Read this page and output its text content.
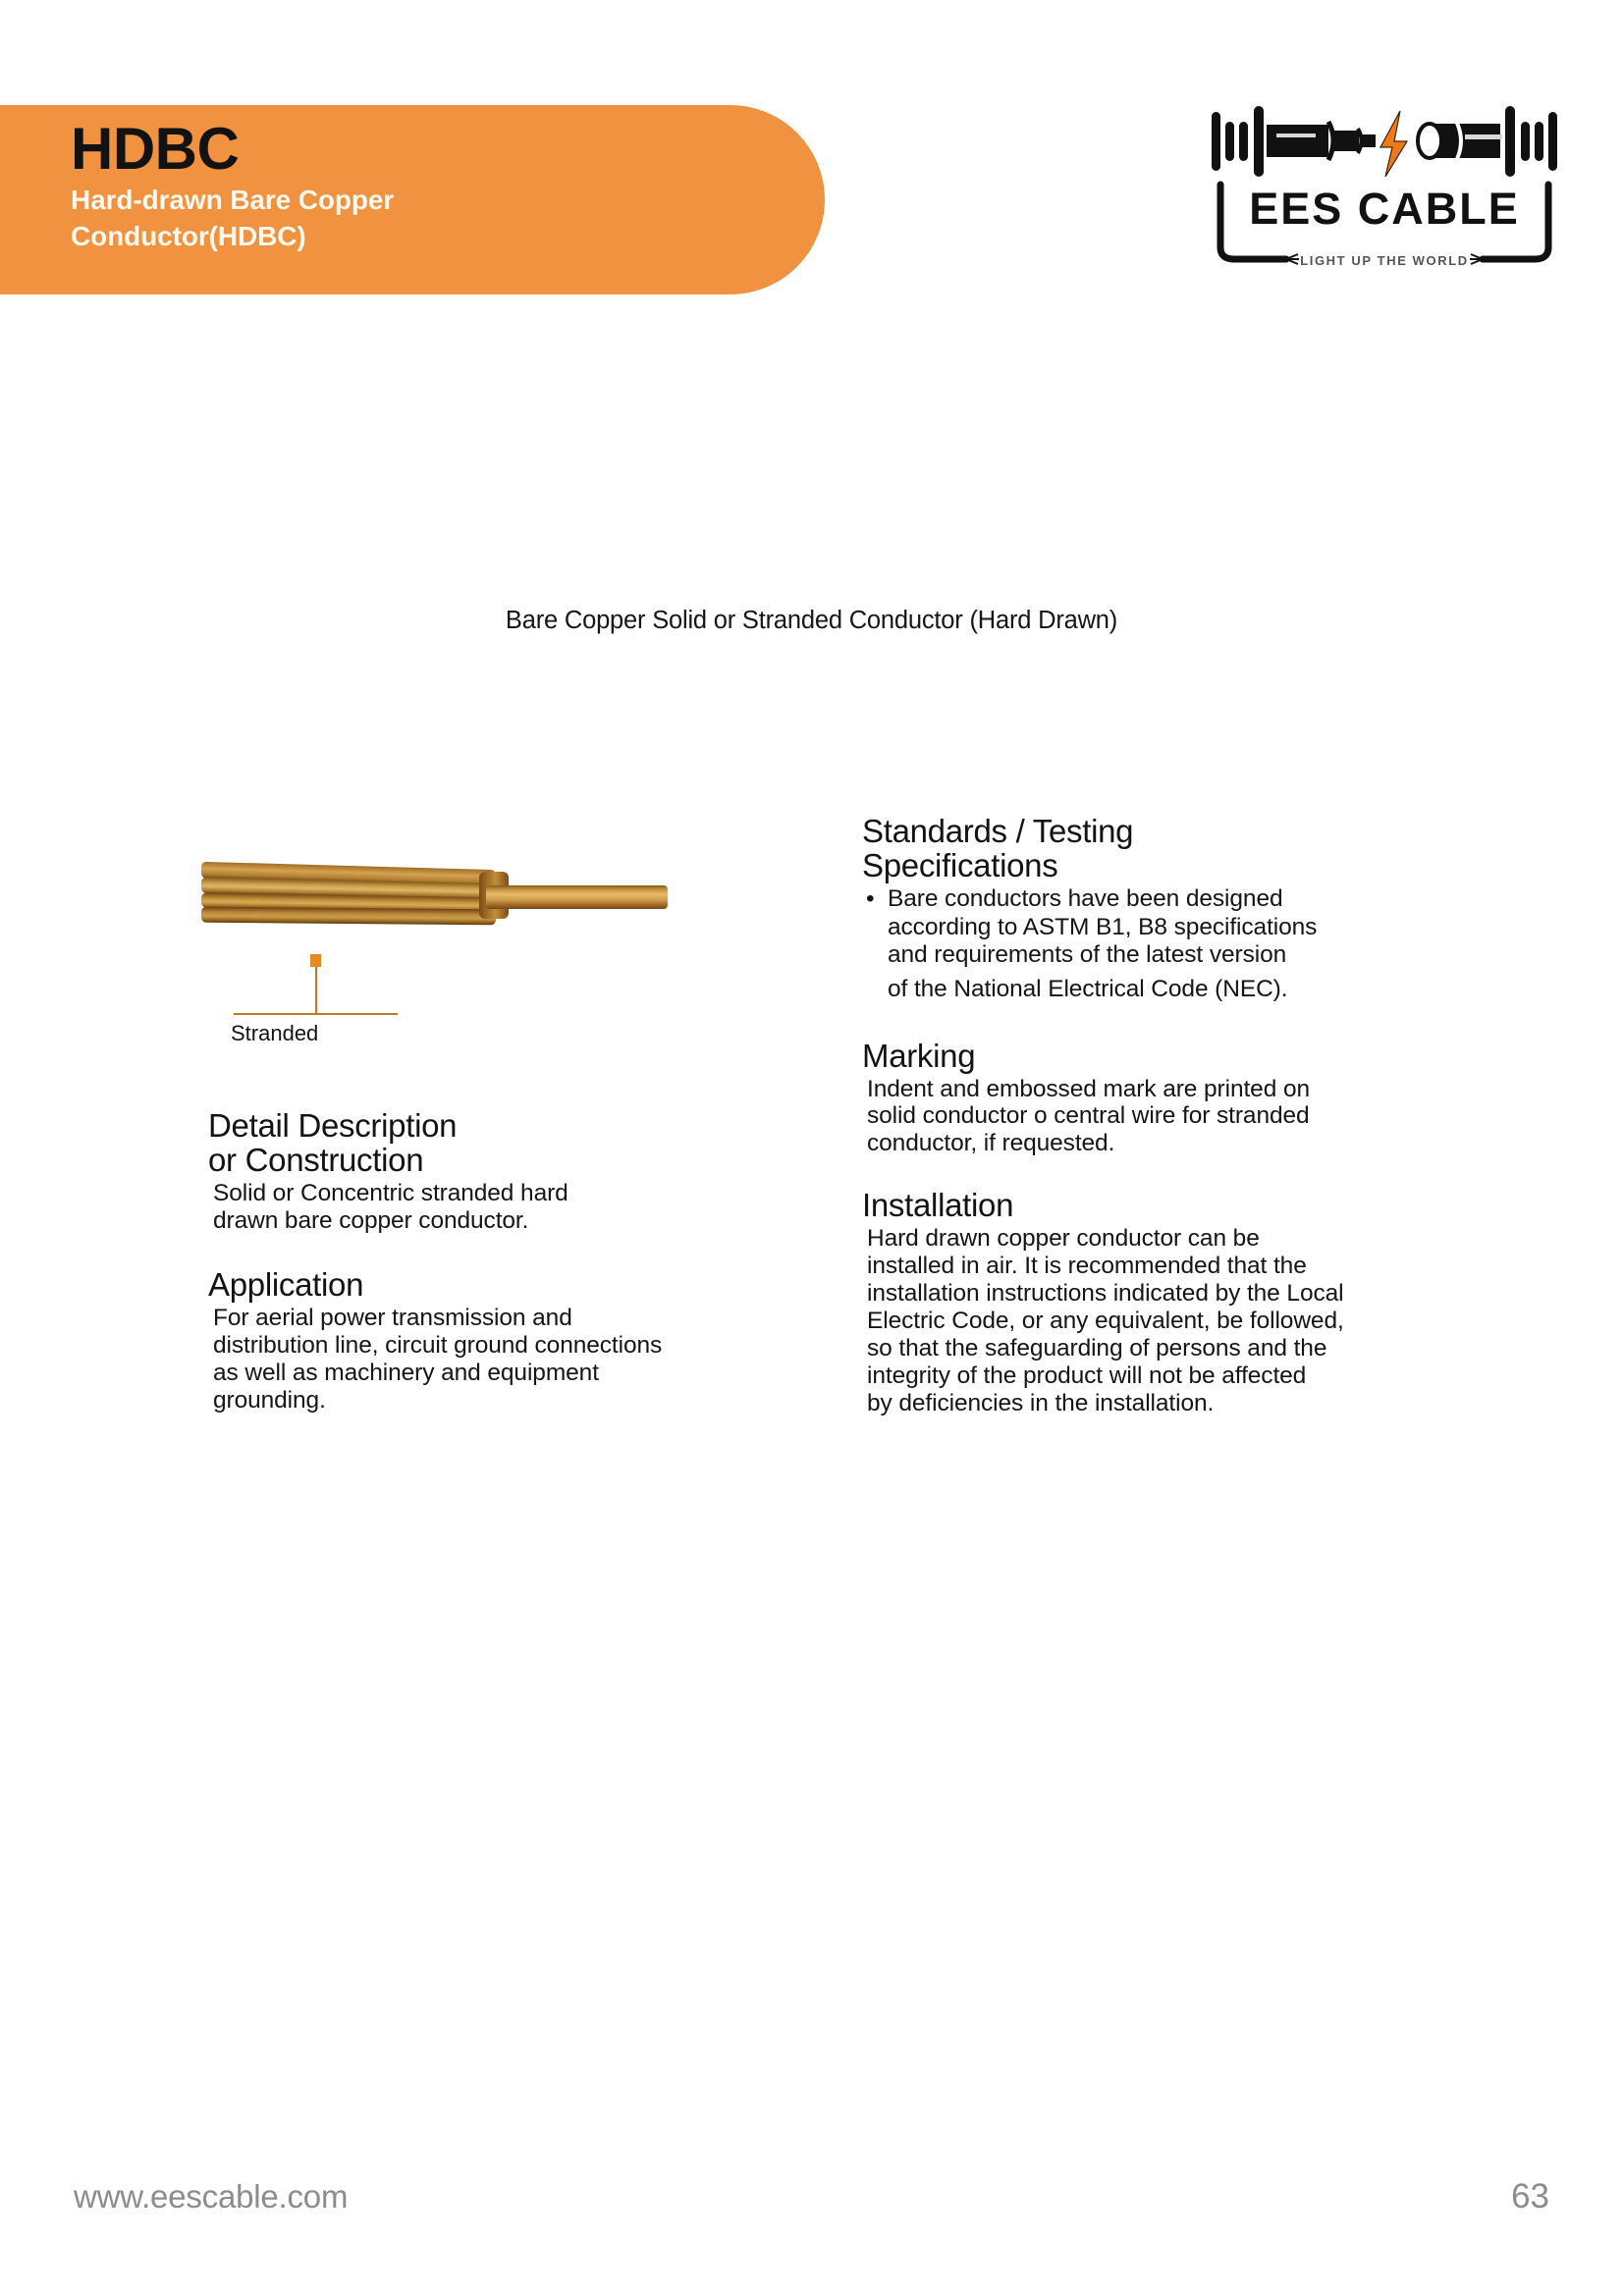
HDBC
Hard-drawn Bare Copper
Conductor(HDBC)
EES CABLE
LIGHT UP THE WORLD
Bare Copper Solid or Stranded Conductor (Hard Drawn)
Stranded
Detail Description
or Construction

Solid or Concentric stranded hard
drawn bare copper conductor.

Application

For aerial power transmission and
distribution line, circuit ground connections
as well as machinery and equipment
grounding.

Standards / Testing
Specifications
• Bare conductors have been designed
according to ASTM B1, B8 specifications
and requirements of the latest version
of the National Electrical Code (NEC).
Marking

Indent and embossed mark are printed on
solid conductor o central wire for stranded
conductor, if requested.

Installation

Hard drawn copper conductor can be
installed in air. It is recommended that the
installation instructions indicated by the Local
Electric Code, or any equivalent, be followed,
so that the safeguarding of persons and the
integrity of the product will not be affected
by deficiencies in the installation.

www.eescable.com	63
